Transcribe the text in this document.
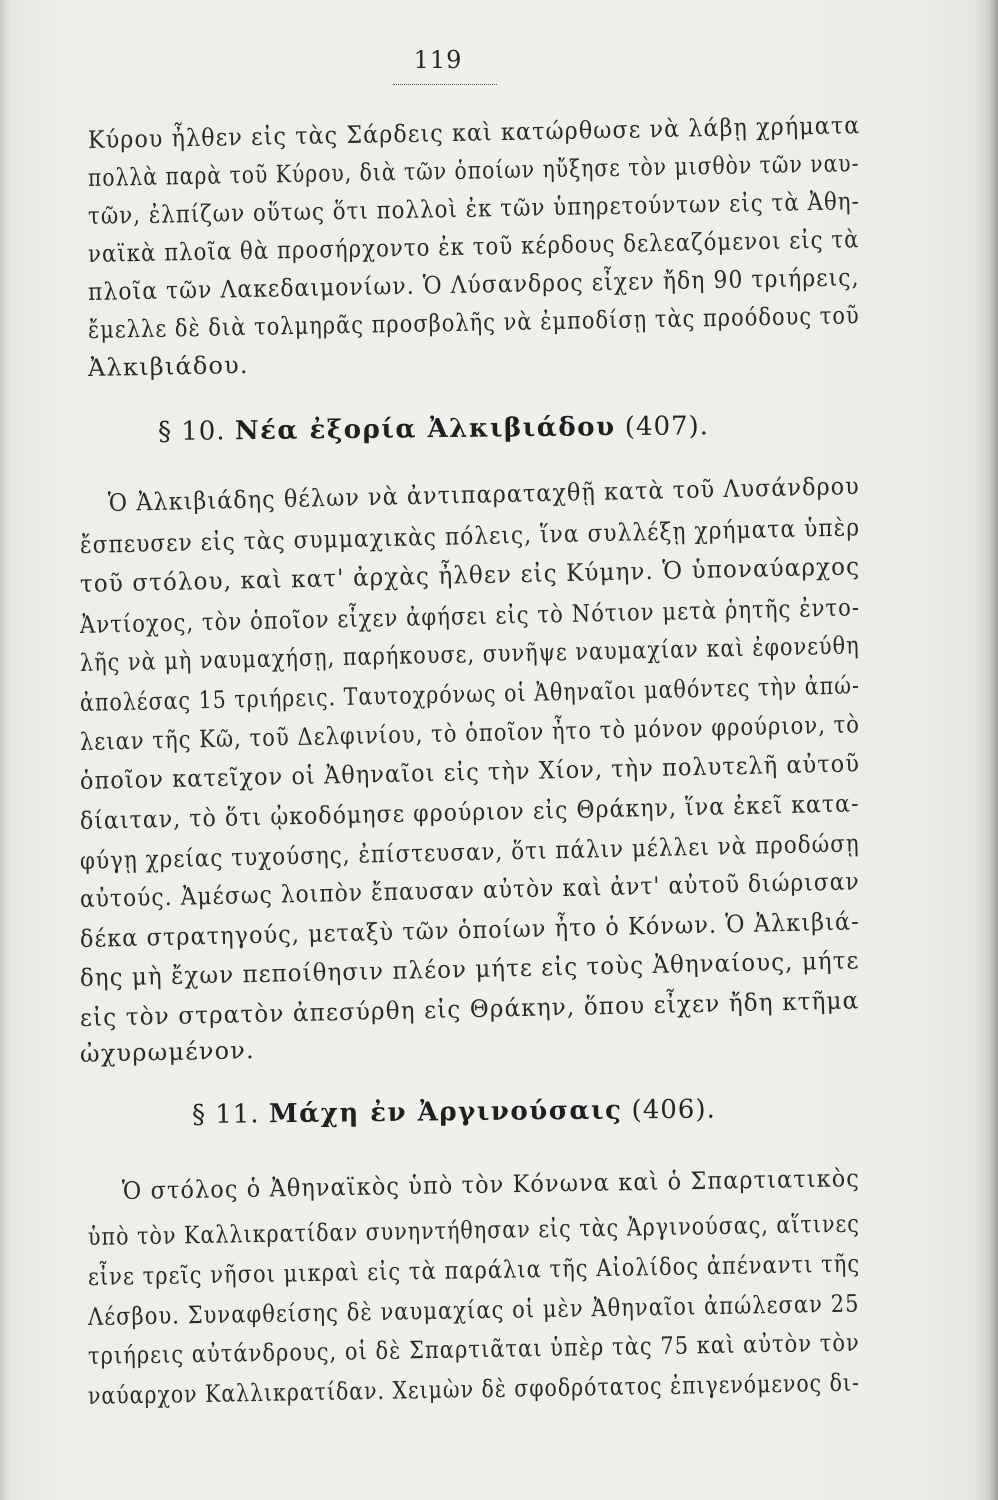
119

Κύρου ἦλθεν εἰς τὰς Σάρδεις καὶ κατώρθωσε νὰ λάβῃ χρήματα

πολλὰ παρὰ τοῦ Κύρου, διὰ τῶν ὁποίων ηὔξησε τὸν μισθὸν τῶν ναυ-

τῶν, ἐλπίζων οὕτως ὅτι πολλοὶ ἐκ τῶν ὑπηρετούντων εἰς τὰ Ἀθη-

ναϊκὰ πλοῖα θὰ προσήρχοντο ἐκ τοῦ κέρδους δελεαζόμενοι εἰς τὰ

πλοῖα τῶν Λακεδαιμονίων. Ὁ Λύσανδρος εἶχεν ἤδη 90 τριήρεις,

ἔμελλε δὲ διὰ τολμηρᾶς προσβολῆς νὰ ἐμποδίσῃ τὰς προόδους τοῦ

Ἀλκιβιάδου.

§ 10. Νέα ἐξορία Ἀλκιβιάδου (407).

Ὁ Ἀλκιβιάδης θέλων νὰ ἀντιπαραταχθῇ κατὰ τοῦ Λυσάνδρου

ἔσπευσεν εἰς τὰς συμμαχικὰς πόλεις, ἵνα συλλέξῃ χρήματα ὑπὲρ

τοῦ στόλου, καὶ κατ' ἀρχὰς ἦλθεν εἰς Κύμην. Ὁ ὑποναύαρχος

Ἀντίοχος, τὸν ὁποῖον εἶχεν ἀφήσει εἰς τὸ Νότιον μετὰ ῥητῆς ἐντο-

λῆς νὰ μὴ ναυμαχήσῃ, παρήκουσε, συνῆψε ναυμαχίαν καὶ ἐφονεύθη

ἀπολέσας 15 τριήρεις. Ταυτοχρόνως οἱ Ἀθηναῖοι μαθόντες τὴν ἀπώ-

λειαν τῆς Κῶ, τοῦ Δελφινίου, τὸ ὁποῖον ἦτο τὸ μόνον φρούριον, τὸ

ὁποῖον κατεῖχον οἱ Ἀθηναῖοι εἰς τὴν Χίον, τὴν πολυτελῆ αὐτοῦ

δίαιταν, τὸ ὅτι ᾠκοδόμησε φρούριον εἰς Θράκην, ἵνα ἐκεῖ κατα-

φύγῃ χρείας τυχούσης, ἐπίστευσαν, ὅτι πάλιν μέλλει νὰ προδώσῃ

αὐτούς. Ἀμέσως λοιπὸν ἔπαυσαν αὐτὸν καὶ ἀντ' αὐτοῦ διώρισαν

δέκα στρατηγούς, μεταξὺ τῶν ὁποίων ἦτο ὁ Κόνων. Ὁ Ἀλκιβιά-

δης μὴ ἔχων πεποίθησιν πλέον μήτε εἰς τοὺς Ἀθηναίους, μήτε

εἰς τὸν στρατὸν ἀπεσύρθη εἰς Θράκην, ὅπου εἶχεν ἤδη κτῆμα

ὠχυρωμένον.

§ 11. Μάχη ἐν Ἀργινούσαις (406).

Ὁ στόλος ὁ Ἀθηναϊκὸς ὑπὸ τὸν Κόνωνα καὶ ὁ Σπαρτιατικὸς

ὑπὸ τὸν Καλλικρατίδαν συνηντήθησαν εἰς τὰς Ἀργινούσας, αἵτινες

εἶνε τρεῖς νῆσοι μικραὶ εἰς τὰ παράλια τῆς Αἰολίδος ἀπέναντι τῆς

Λέσβου. Συναφθείσης δὲ ναυμαχίας οἱ μὲν Ἀθηναῖοι ἀπώλεσαν 25

τριήρεις αὐτάνδρους, οἱ δὲ Σπαρτιᾶται ὑπὲρ τὰς 75 καὶ αὐτὸν τὸν

ναύαρχον Καλλικρατίδαν. Χειμὼν δὲ σφοδρότατος ἐπιγενόμενος δι-
